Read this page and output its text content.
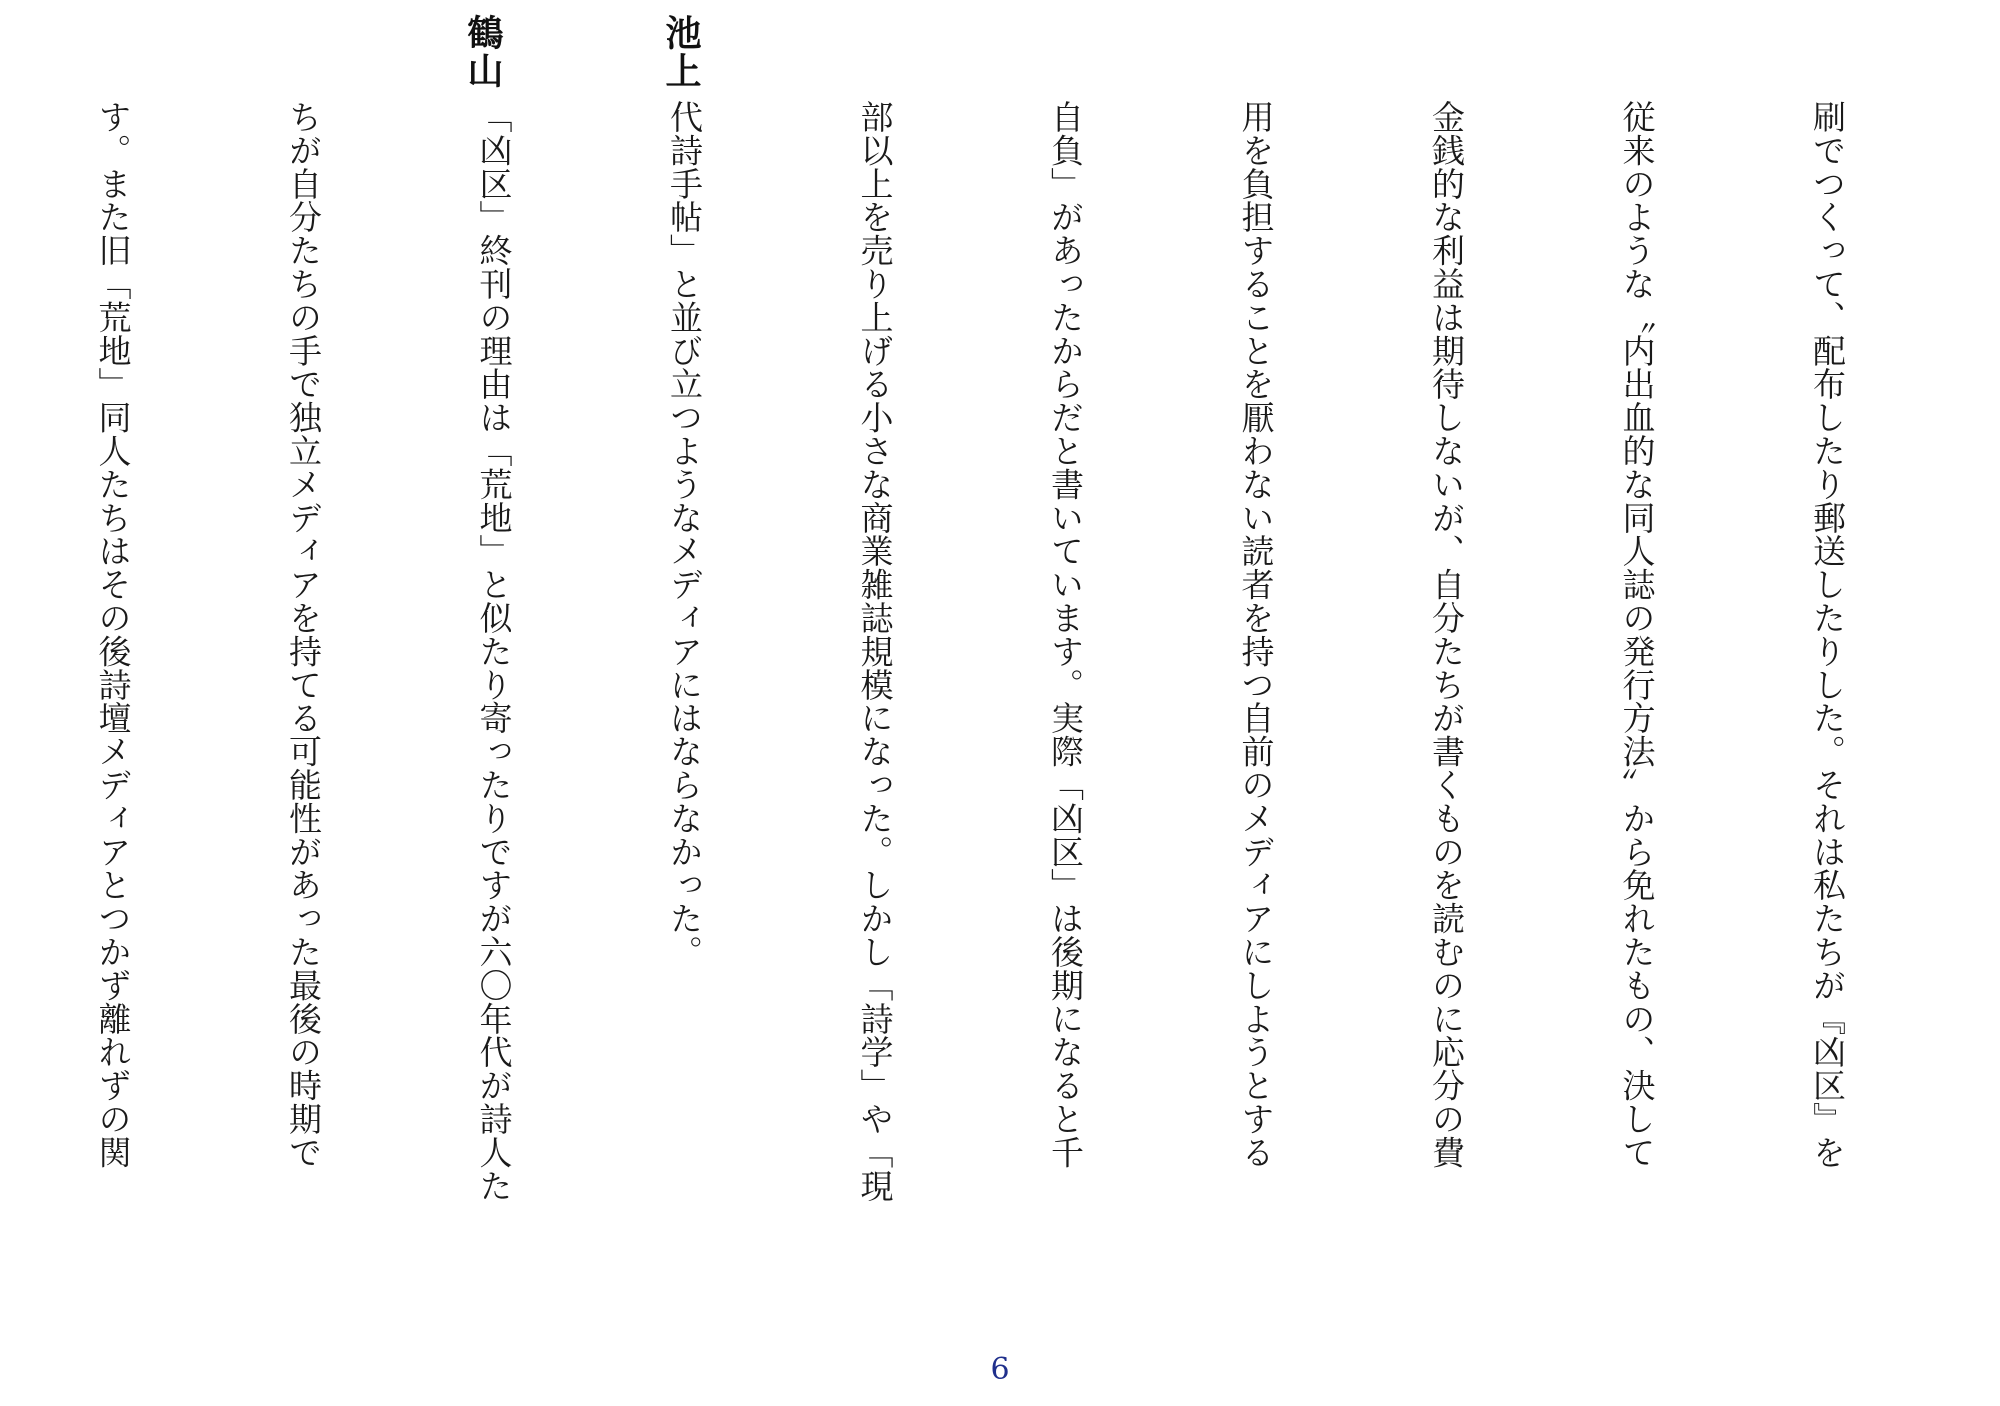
池上
鶴山

刷でつくって、配布したり郵送したりした。それは私たちが『凶区』を

従来のような〝内出血的な同人誌の発行方法〟から免れたもの、決して

金銭的な利益は期待しないが、自分たちが書くものを読むのに応分の費

用を負担することを厭わない読者を持つ自前のメディアにしようとする

自負」があったからだと書いています。実際「凶区」は後期になると千

部以上を売り上げる小さな商業雑誌規模になった。しかし「詩学」や「現

代詩手帖」と並び立つようなメディアにはならなかった。

「凶区」終刊の理由は「荒地」と似たり寄ったりですが六〇年代が詩人た

ちが自分たちの手で独立メディアを持てる可能性があった最後の時期で

す。また旧「荒地」同人たちはその後詩壇メディアとつかず離れずの関

6
